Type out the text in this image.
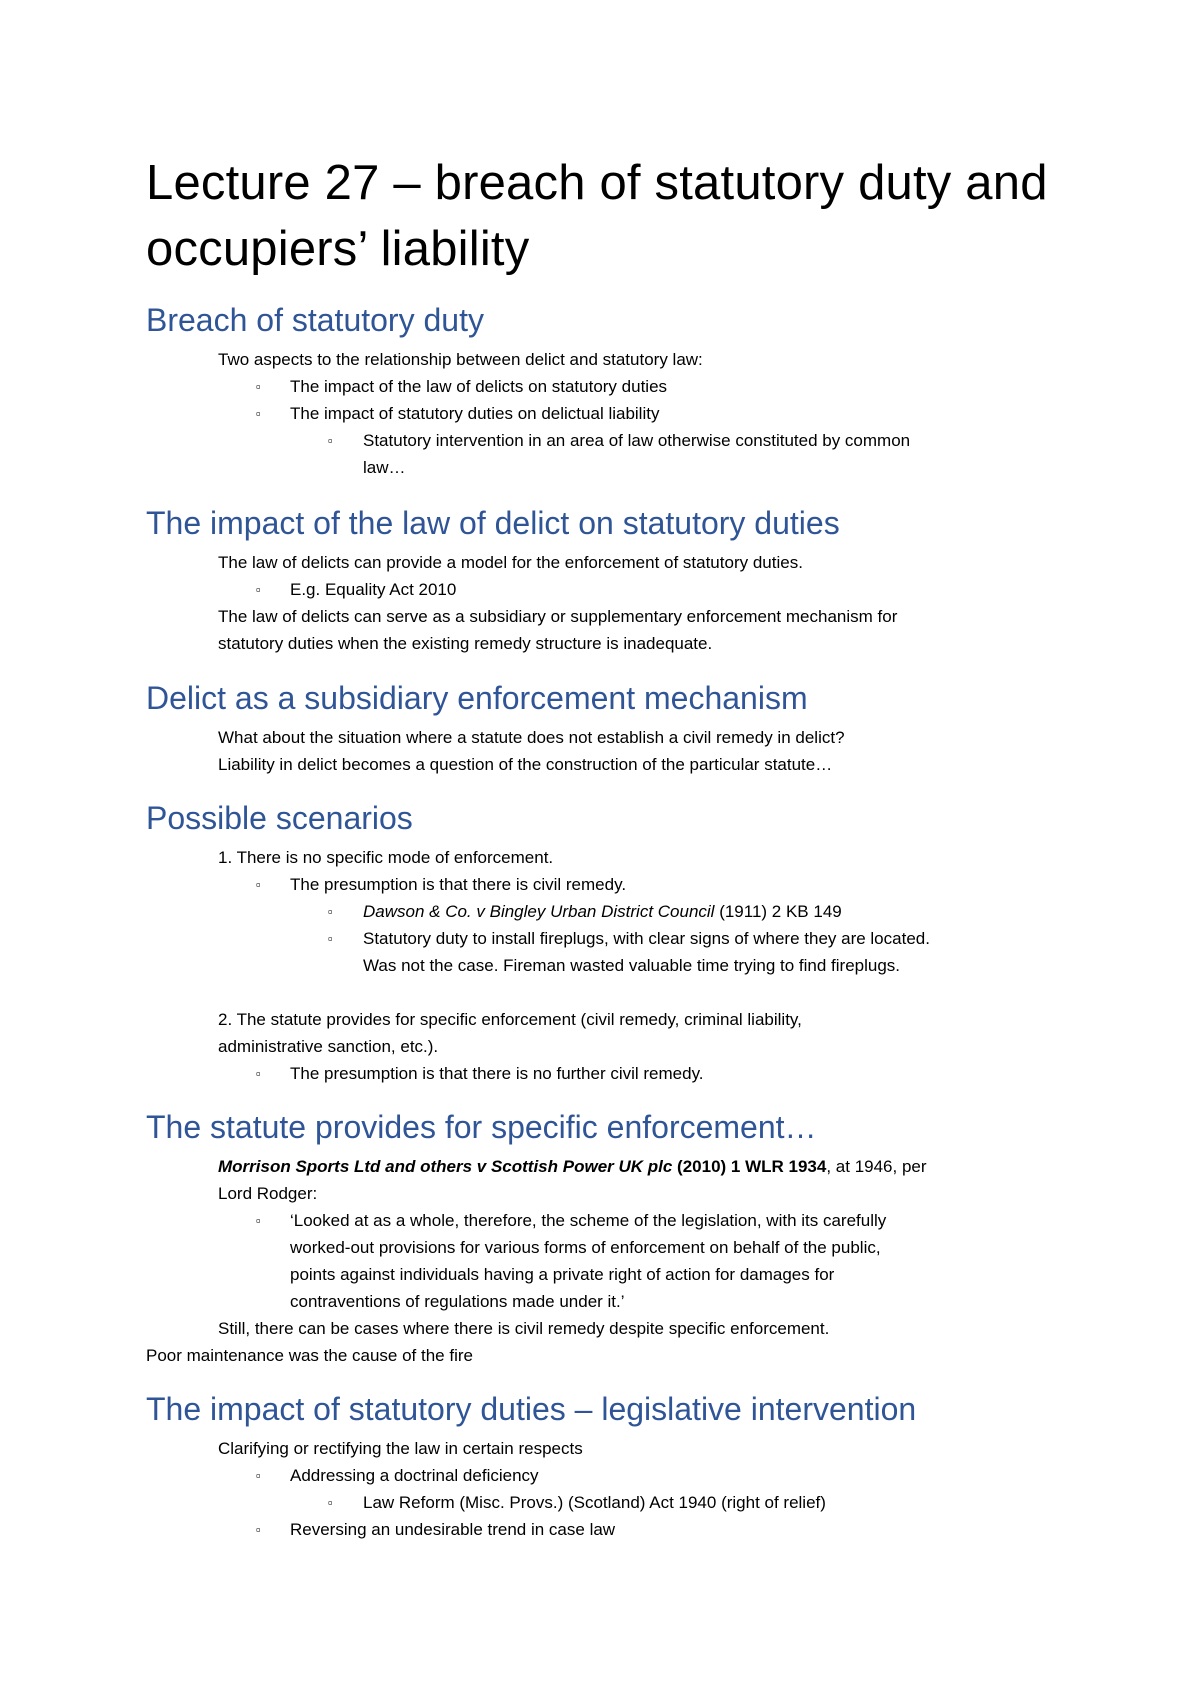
Lecture 27 – breach of statutory duty and occupiers’ liability
Breach of statutory duty

Two aspects to the relationship between delict and statutory law:

▫ The impact of the law of delicts on statutory duties

▫ The impact of statutory duties on delictual liability

▫ Statutory intervention in an area of law otherwise constituted by common

law…

The impact of the law of delict on statutory duties

The law of delicts can provide a model for the enforcement of statutory duties.

▫ E.g. Equality Act 2010

The law of delicts can serve as a subsidiary or supplementary enforcement mechanism for

statutory duties when the existing remedy structure is inadequate.

Delict as a subsidiary enforcement mechanism

What about the situation where a statute does not establish a civil remedy in delict?

Liability in delict becomes a question of the construction of the particular statute…

Possible scenarios

1. There is no specific mode of enforcement.

▫ The presumption is that there is civil remedy.

▫ Dawson & Co. v Bingley Urban District Council (1911) 2 KB 149

▫ Statutory duty to install fireplugs, with clear signs of where they are located.

Was not the case. Fireman wasted valuable time trying to find fireplugs.

2. The statute provides for specific enforcement (civil remedy, criminal liability,

administrative sanction, etc.).

▫ The presumption is that there is no further civil remedy.

The statute provides for specific enforcement…

Morrison Sports Ltd and others v Scottish Power UK plc (2010) 1 WLR 1934, at 1946, per

Lord Rodger:

▫ ‘Looked at as a whole, therefore, the scheme of the legislation, with its carefully

worked-out provisions for various forms of enforcement on behalf of the public,

points against individuals having a private right of action for damages for

contraventions of regulations made under it.’

Still, there can be cases where there is civil remedy despite specific enforcement.

Poor maintenance was the cause of the fire

The impact of statutory duties – legislative intervention

Clarifying or rectifying the law in certain respects

▫ Addressing a doctrinal deficiency

▫ Law Reform (Misc. Provs.) (Scotland) Act 1940 (right of relief)

▫ Reversing an undesirable trend in case law
